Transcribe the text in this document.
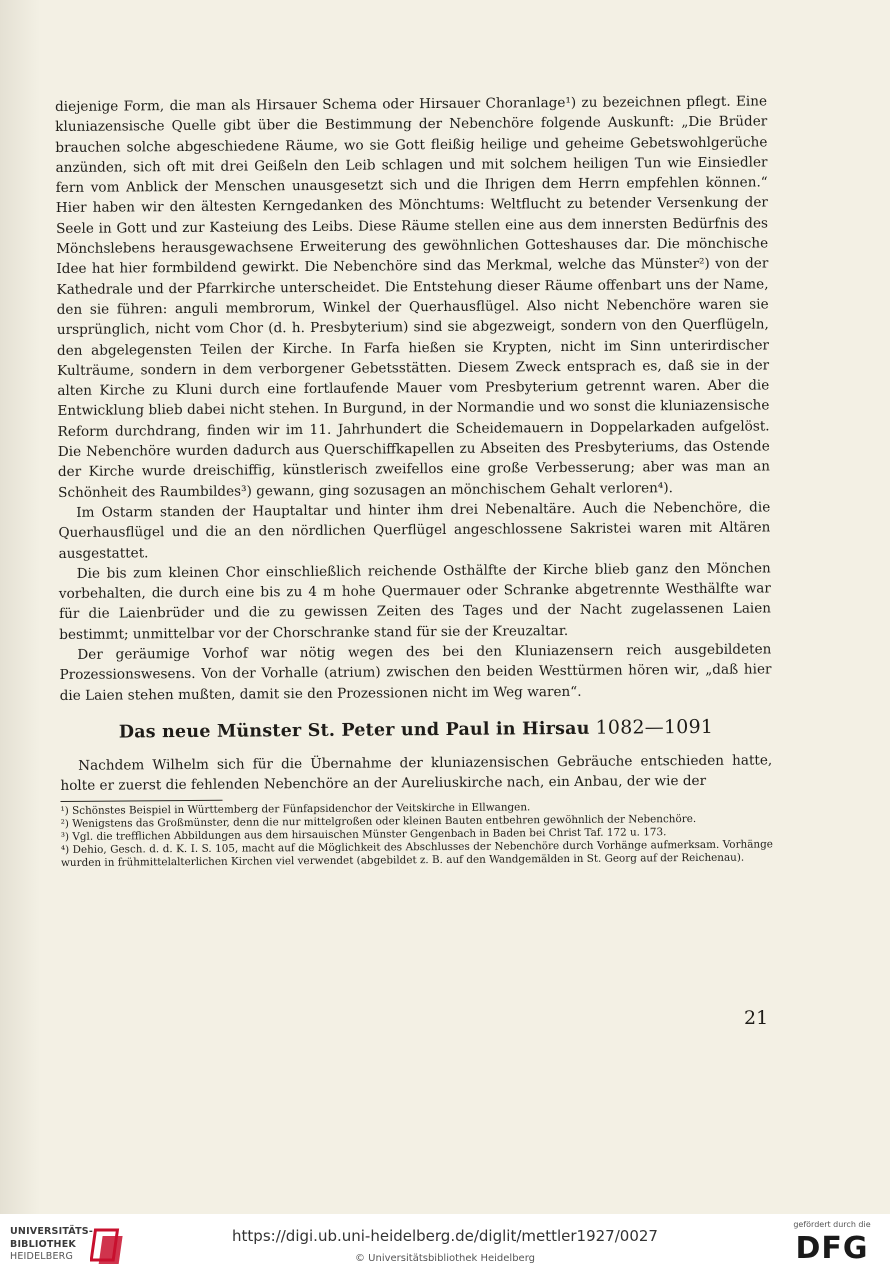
diejenige Form, die man als Hirsauer Schema oder Hirsauer Choranlage¹) zu bezeichnen pflegt. Eine kluniazensische Quelle gibt über die Bestimmung der Nebenchöre folgende Auskunft: „Die Brüder brauchen solche abgeschiedene Räume, wo sie Gott fleißig heilige und geheime Gebetswohlgerüche anzünden, sich oft mit drei Geißeln den Leib schlagen und mit solchem heiligen Tun wie Einsiedler fern vom Anblick der Menschen unausgesetzt sich und die Ihrigen dem Herrn empfehlen können.“ Hier haben wir den ältesten Kerngedanken des Mönchtums: Weltflucht zu betender Versenkung der Seele in Gott und zur Kasteiung des Leibs. Diese Räume stellen eine aus dem innersten Bedürfnis des Mönchslebens herausgewachsene Erweiterung des gewöhnlichen Gotteshauses dar. Die mönchische Idee hat hier formbildend gewirkt. Die Nebenchöre sind das Merkmal, welche das Münster²) von der Kathedrale und der Pfarrkirche unterscheidet. Die Entstehung dieser Räume offenbart uns der Name, den sie führen: anguli membrorum, Winkel der Querhausflügel. Also nicht Nebenchöre waren sie ursprünglich, nicht vom Chor (d. h. Presbyterium) sind sie abgezweigt, sondern von den Querflügeln, den abgelegensten Teilen der Kirche. In Farfa hießen sie Krypten, nicht im Sinn unterirdischer Kulträume, sondern in dem verborgener Gebetsstätten. Diesem Zweck entsprach es, daß sie in der alten Kirche zu Kluni durch eine fortlaufende Mauer vom Presbyterium getrennt waren. Aber die Entwicklung blieb dabei nicht stehen. In Burgund, in der Normandie und wo sonst die kluniazensische Reform durchdrang, finden wir im 11. Jahrhundert die Scheidemauern in Doppelarkaden aufgelöst. Die Nebenchöre wurden dadurch aus Querschiffkapellen zu Abseiten des Presbyteriums, das Ostende der Kirche wurde dreischiffig, künstlerisch zweifellos eine große Verbesserung; aber was man an Schönheit des Raumbildes³) gewann, ging sozusagen an mönchischem Gehalt verloren⁴).

Im Ostarm standen der Hauptaltar und hinter ihm drei Nebenaltäre. Auch die Nebenchöre, die Querhausflügel und die an den nördlichen Querflügel angeschlossene Sakristei waren mit Altären ausgestattet.

Die bis zum kleinen Chor einschließlich reichende Osthälfte der Kirche blieb ganz den Mönchen vorbehalten, die durch eine bis zu 4 m hohe Quermauer oder Schranke abgetrennte Westhälfte war für die Laienbrüder und die zu gewissen Zeiten des Tages und der Nacht zugelassenen Laien bestimmt; unmittelbar vor der Chorschranke stand für sie der Kreuzaltar.

Der geräumige Vorhof war nötig wegen des bei den Kluniazensern reich ausgebildeten Prozessionswesens. Von der Vorhalle (atrium) zwischen den beiden Westtürmen hören wir, „daß hier die Laien stehen mußten, damit sie den Prozessionen nicht im Weg waren“.

Das neue Münster St. Peter und Paul in Hirsau 1082—1091

Nachdem Wilhelm sich für die Übernahme der kluniazensischen Gebräuche entschieden hatte, holte er zuerst die fehlenden Nebenchöre an der Aureliuskirche nach, ein Anbau, der wie der

¹) Schönstes Beispiel in Württemberg der Fünfapsidenchor der Veitskirche in Ellwangen.

²) Wenigstens das Großmünster, denn die nur mittelgroßen oder kleinen Bauten entbehren gewöhnlich der Nebenchöre.

³) Vgl. die trefflichen Abbildungen aus dem hirsauischen Münster Gengenbach in Baden bei Christ Taf. 172 u. 173.

⁴) Dehio, Gesch. d. d. K. I. S. 105, macht auf die Möglichkeit des Abschlusses der Nebenchöre durch Vorhänge aufmerksam. Vorhänge wurden in frühmittelalterlichen Kirchen viel verwendet (abgebildet z. B. auf den Wandgemälden in St. Georg auf der Reichenau).

21
UNIVERSITÄTS-
BIBLIOTHEK
HEIDELBERG
https://digi.ub.uni-heidelberg.de/diglit/mettler1927/0027
© Universitätsbibliothek Heidelberg
gefördert durch die
DFG
